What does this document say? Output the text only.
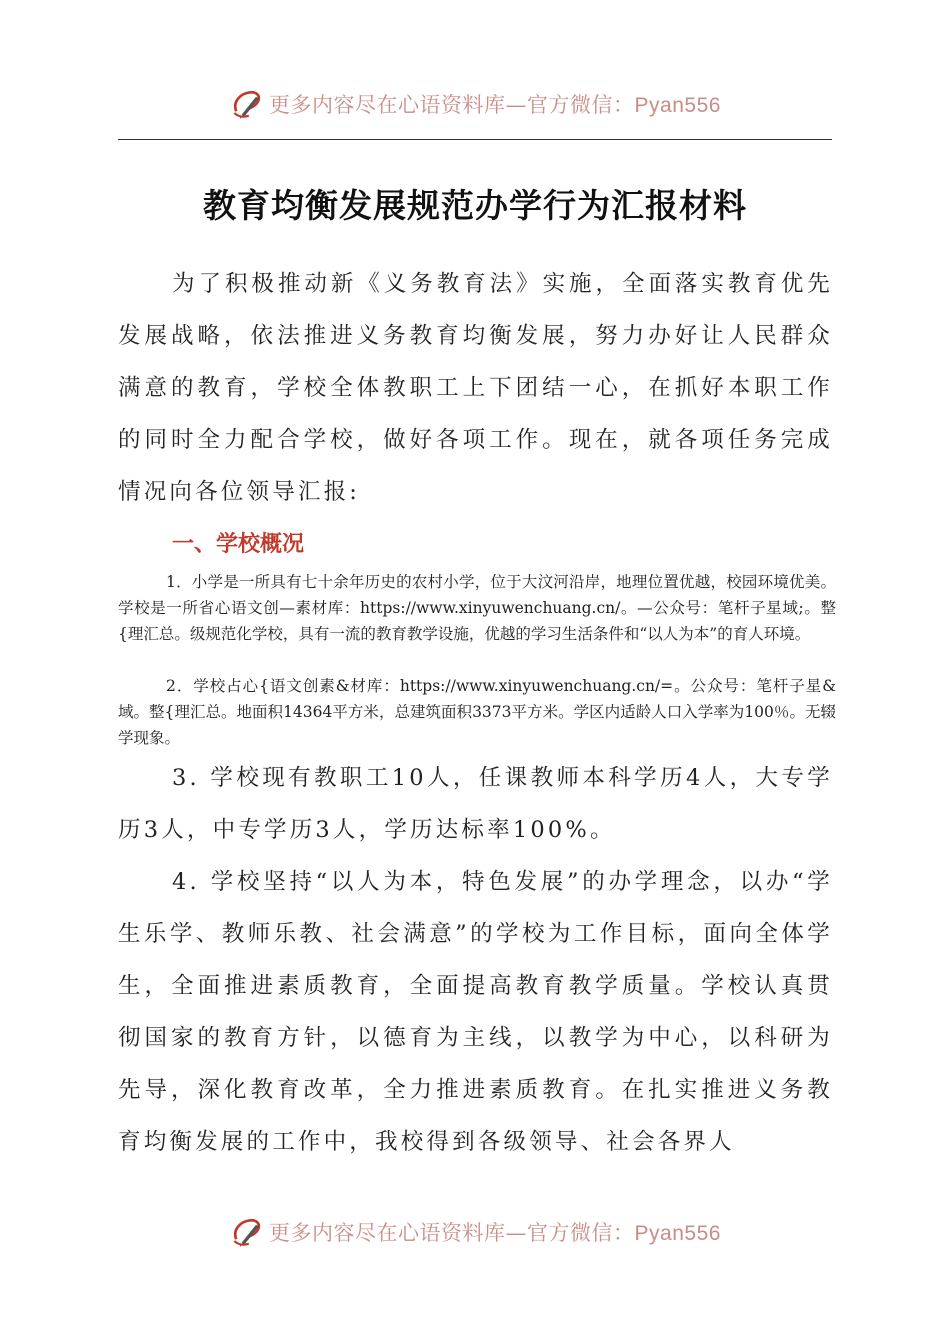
更多内容尽在心语资料库—官方微信：Pyan556
教育均衡发展规范办学行为汇报材料

为了积极推动新《义务教育法》实施，全面落实教育优先发展战略，依法推进义务教育均衡发展，努力办好让人民群众满意的教育，学校全体教职工上下团结一心，在抓好本职工作的同时全力配合学校，做好各项工作。现在，就各项任务完成情况向各位领导汇报:

一、学校概况

1．小学是一所具有七十余年历史的农村小学，位于大汶河沿岸，地理位置优越，校园环境优美。学校是一所省心语文创—素材库：https://www.xinyuwenchuang.cn/。—公众号：笔杆子星域;。整{理汇总。级规范化学校，具有一流的教育教学设施，优越的学习生活条件和“以人为本”的育人环境。

2．学校占心{语文创素&材库：https://www.xinyuwenchuang.cn/=。公众号：笔杆子星&域。整{理汇总。地面积14364平方米，总建筑面积3373平方米。学区内适龄人口入学率为100％。无辍学现象。

3. 学校现有教职工10人，任课教师本科学历4人，大专学历3人，中专学历3人，学历达标率100%。

4. 学校坚持“以人为本，特色发展”的办学理念，以办“学生乐学、教师乐教、社会满意”的学校为工作目标，面向全体学生，全面推进素质教育，全面提高教育教学质量。学校认真贯彻国家的教育方针，以德育为主线，以教学为中心，以科研为先导，深化教育改革，全力推进素质教育。在扎实推进义务教育均衡发展的工作中，我校得到各级领导、社会各界人

更多内容尽在心语资料库—官方微信：Pyan556
